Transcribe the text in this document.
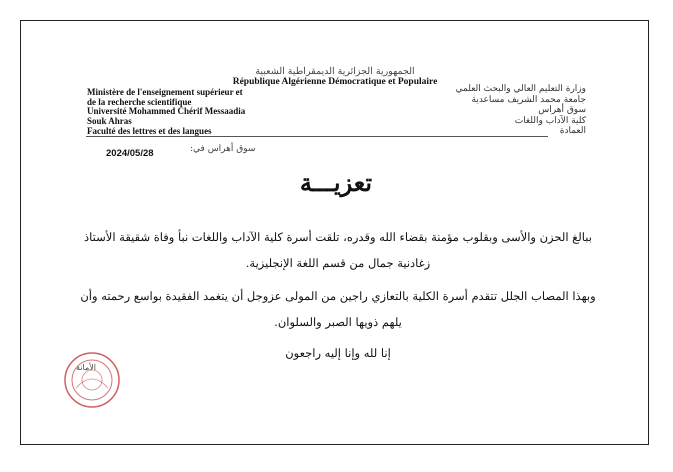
الجمهورية الجزائرية الديمقراطية الشعبية
République Algérienne Démocratique et Populaire
Ministère de l'enseignement supérieur et
de la recherche scientifique
Université Mohammed Chérif Messaadia
Souk Ahras
Faculté des lettres et des langues
وزارة التعليم العالي والبحث العلمي
جامعة محمد الشريف مساعدية
سوق أهراس
كلية الآداب واللغات
العمادة
2024/05/28	سوق أهراس في:
تعزيـــة
ببالغ الحزن والأسى وبقلوب مؤمنة بقضاء الله وقدره، تلقت أسرة كلية الآداب واللغات نبأ وفاة شقيقة الأستاذ زغادنية جمال من قسم اللغة الإنجليزية.
وبهذا المصاب الجلل تتقدم أسرة الكلية بالتعازي راجين من المولى عزوجل أن يتغمد الفقيدة بواسع رحمته وأن يلهم ذويها الصبر والسلوان.
إنا لله وإنا إليه راجعون
الأمانة
